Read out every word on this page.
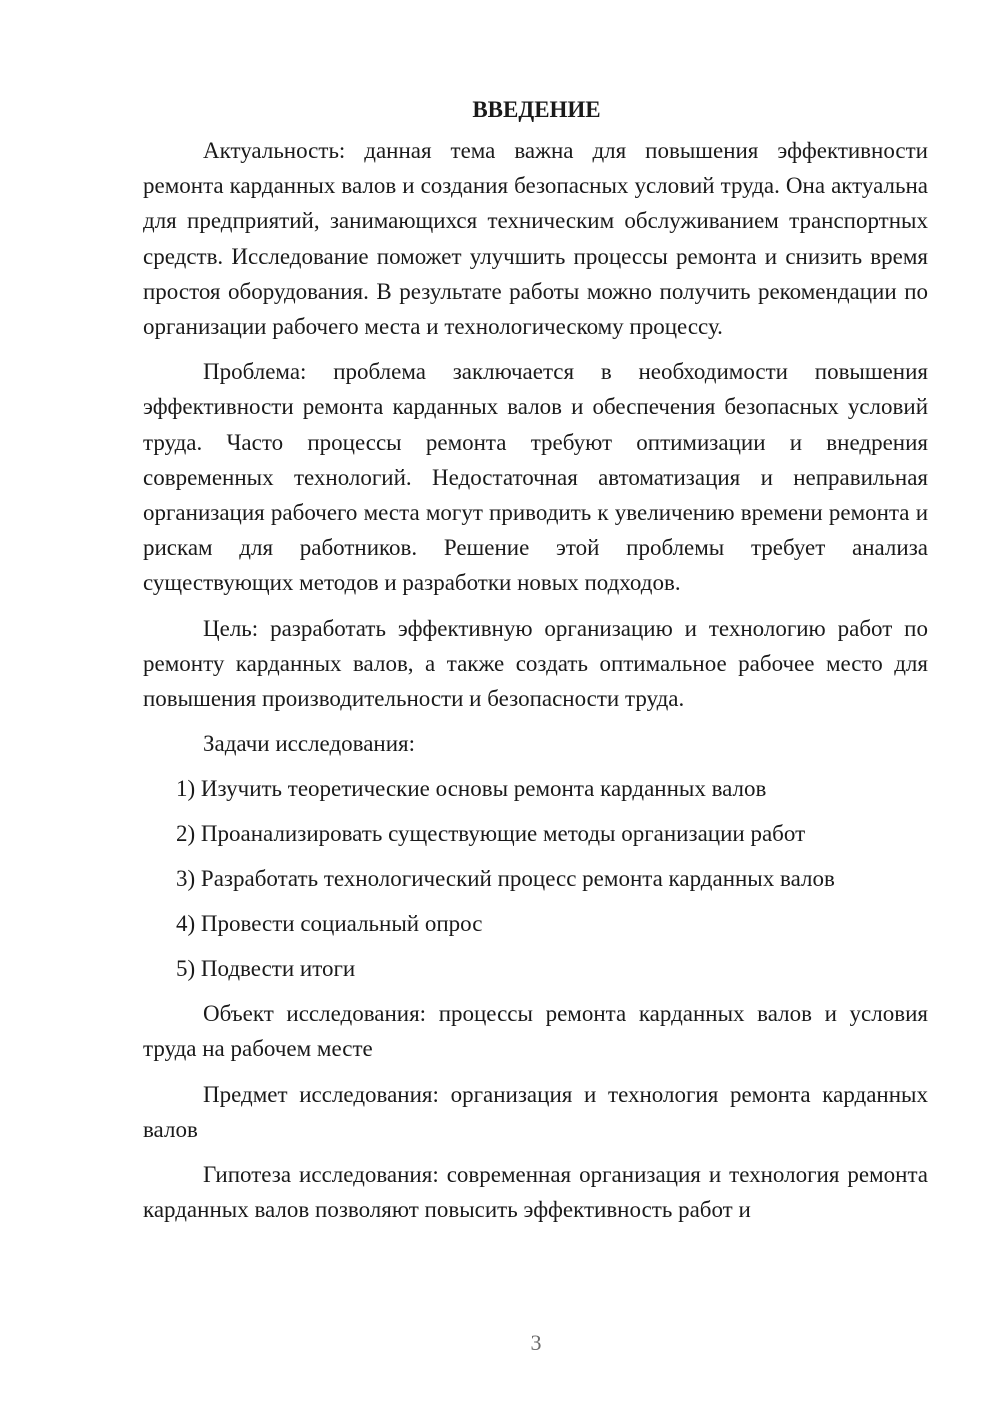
ВВЕДЕНИЕ

Актуальность: данная тема важна для повышения эффективности ремонта карданных валов и создания безопасных условий труда. Она актуальна для предприятий, занимающихся техническим обслуживанием транспортных средств. Исследование поможет улучшить процессы ремонта и снизить время простоя оборудования. В результате работы можно получить рекомендации по организации рабочего места и технологическому процессу.

Проблема: проблема заключается в необходимости повышения эффективности ремонта карданных валов и обеспечения безопасных условий труда. Часто процессы ремонта требуют оптимизации и внедрения современных технологий. Недостаточная автоматизация и неправильная организация рабочего места могут приводить к увеличению времени ремонта и рискам для работников. Решение этой проблемы требует анализа существующих методов и разработки новых подходов.

Цель: разработать эффективную организацию и технологию работ по ремонту карданных валов, а также создать оптимальное рабочее место для повышения производительности и безопасности труда.

Задачи исследования:

1) Изучить теоретические основы ремонта карданных валов
2) Проанализировать существующие методы организации работ
3) Разработать технологический процесс ремонта карданных валов
4) Провести социальный опрос
5) Подвести итоги

Объект исследования: процессы ремонта карданных валов и условия труда на рабочем месте

Предмет исследования: организация и технология ремонта карданных валов

Гипотеза исследования: современная организация и технология ремонта карданных валов позволяют повысить эффективность работ и

3
